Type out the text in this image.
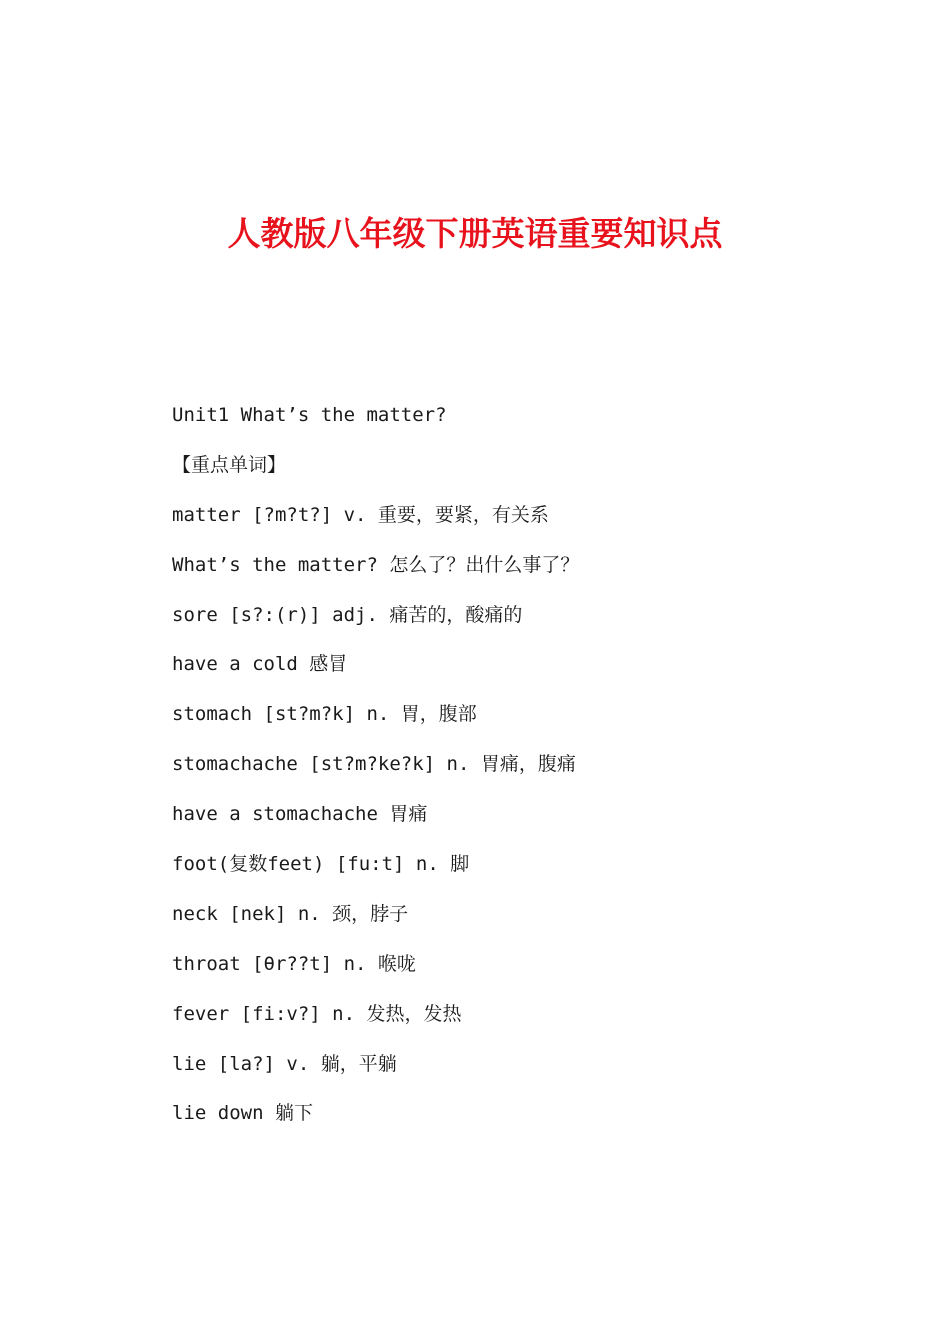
人教版八年级下册英语重要知识点
Unit1 What’s the matter?
【重点单词】
matter [?m?t?] v. 重要，要紧，有关系
What’s the matter? 怎么了？出什么事了？
sore [s?:(r)] adj. 痛苦的，酸痛的
have a cold 感冒
stomach [st?m?k] n. 胃，腹部
stomachache [st?m?ke?k] n. 胃痛，腹痛
have a stomachache 胃痛
foot(复数feet) [fu:t] n. 脚
neck [nek] n. 颈，脖子
throat [θr??t] n. 喉咙
fever [fi:v?] n. 发热，发热
lie [la?] v. 躺，平躺
lie down 躺下
